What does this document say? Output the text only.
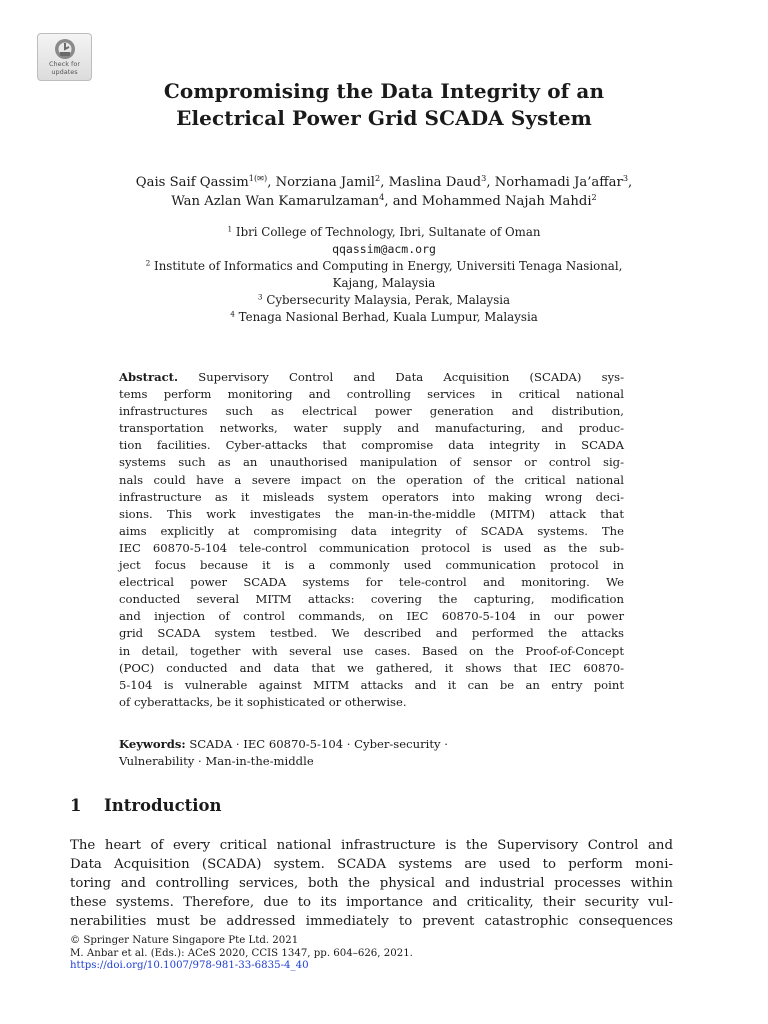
Check for
updates
Compromising the Data Integrity of an
Electrical Power Grid SCADA System
Qais Saif Qassim$^{1(✉)}$, Norziana Jamil$^2$, Maslina Daud$^3$, Norhamadi Ja’affar$^3$,
Wan Azlan Wan Kamarulzaman$^4$, and Mohammed Najah Mahdi$^2$
$^1$ Ibri College of Technology, Ibri, Sultanate of Oman
qqassim@acm.org
$^2$ Institute of Informatics and Computing in Energy, Universiti Tenaga Nasional,
Kajang, Malaysia
$^3$ Cybersecurity Malaysia, Perak, Malaysia
$^4$ Tenaga Nasional Berhad, Kuala Lumpur, Malaysia
Abstract. Supervisory Control and Data Acquisition (SCADA) sys-
tems perform monitoring and controlling services in critical national
infrastructures such as electrical power generation and distribution,
transportation networks, water supply and manufacturing, and produc-
tion facilities. Cyber-attacks that compromise data integrity in SCADA
systems such as an unauthorised manipulation of sensor or control sig-
nals could have a severe impact on the operation of the critical national
infrastructure as it misleads system operators into making wrong deci-
sions. This work investigates the man-in-the-middle (MITM) attack that
aims explicitly at compromising data integrity of SCADA systems. The
IEC 60870-5-104 tele-control communication protocol is used as the sub-
ject focus because it is a commonly used communication protocol in
electrical power SCADA systems for tele-control and monitoring. We
conducted several MITM attacks: covering the capturing, modification
and injection of control commands, on IEC 60870-5-104 in our power
grid SCADA system testbed. We described and performed the attacks
in detail, together with several use cases. Based on the Proof-of-Concept
(POC) conducted and data that we gathered, it shows that IEC 60870-
5-104 is vulnerable against MITM attacks and it can be an entry point
of cyberattacks, be it sophisticated or otherwise.
Keywords: SCADA · IEC 60870-5-104 · Cyber-security ·
Vulnerability · Man-in-the-middle
1 Introduction
The heart of every critical national infrastructure is the Supervisory Control and
Data Acquisition (SCADA) system. SCADA systems are used to perform moni-
toring and controlling services, both the physical and industrial processes within
these systems. Therefore, due to its importance and criticality, their security vul-
nerabilities must be addressed immediately to prevent catastrophic consequences
© Springer Nature Singapore Pte Ltd. 2021
M. Anbar et al. (Eds.): ACeS 2020, CCIS 1347, pp. 604–626, 2021.
https://doi.org/10.1007/978-981-33-6835-4_40
